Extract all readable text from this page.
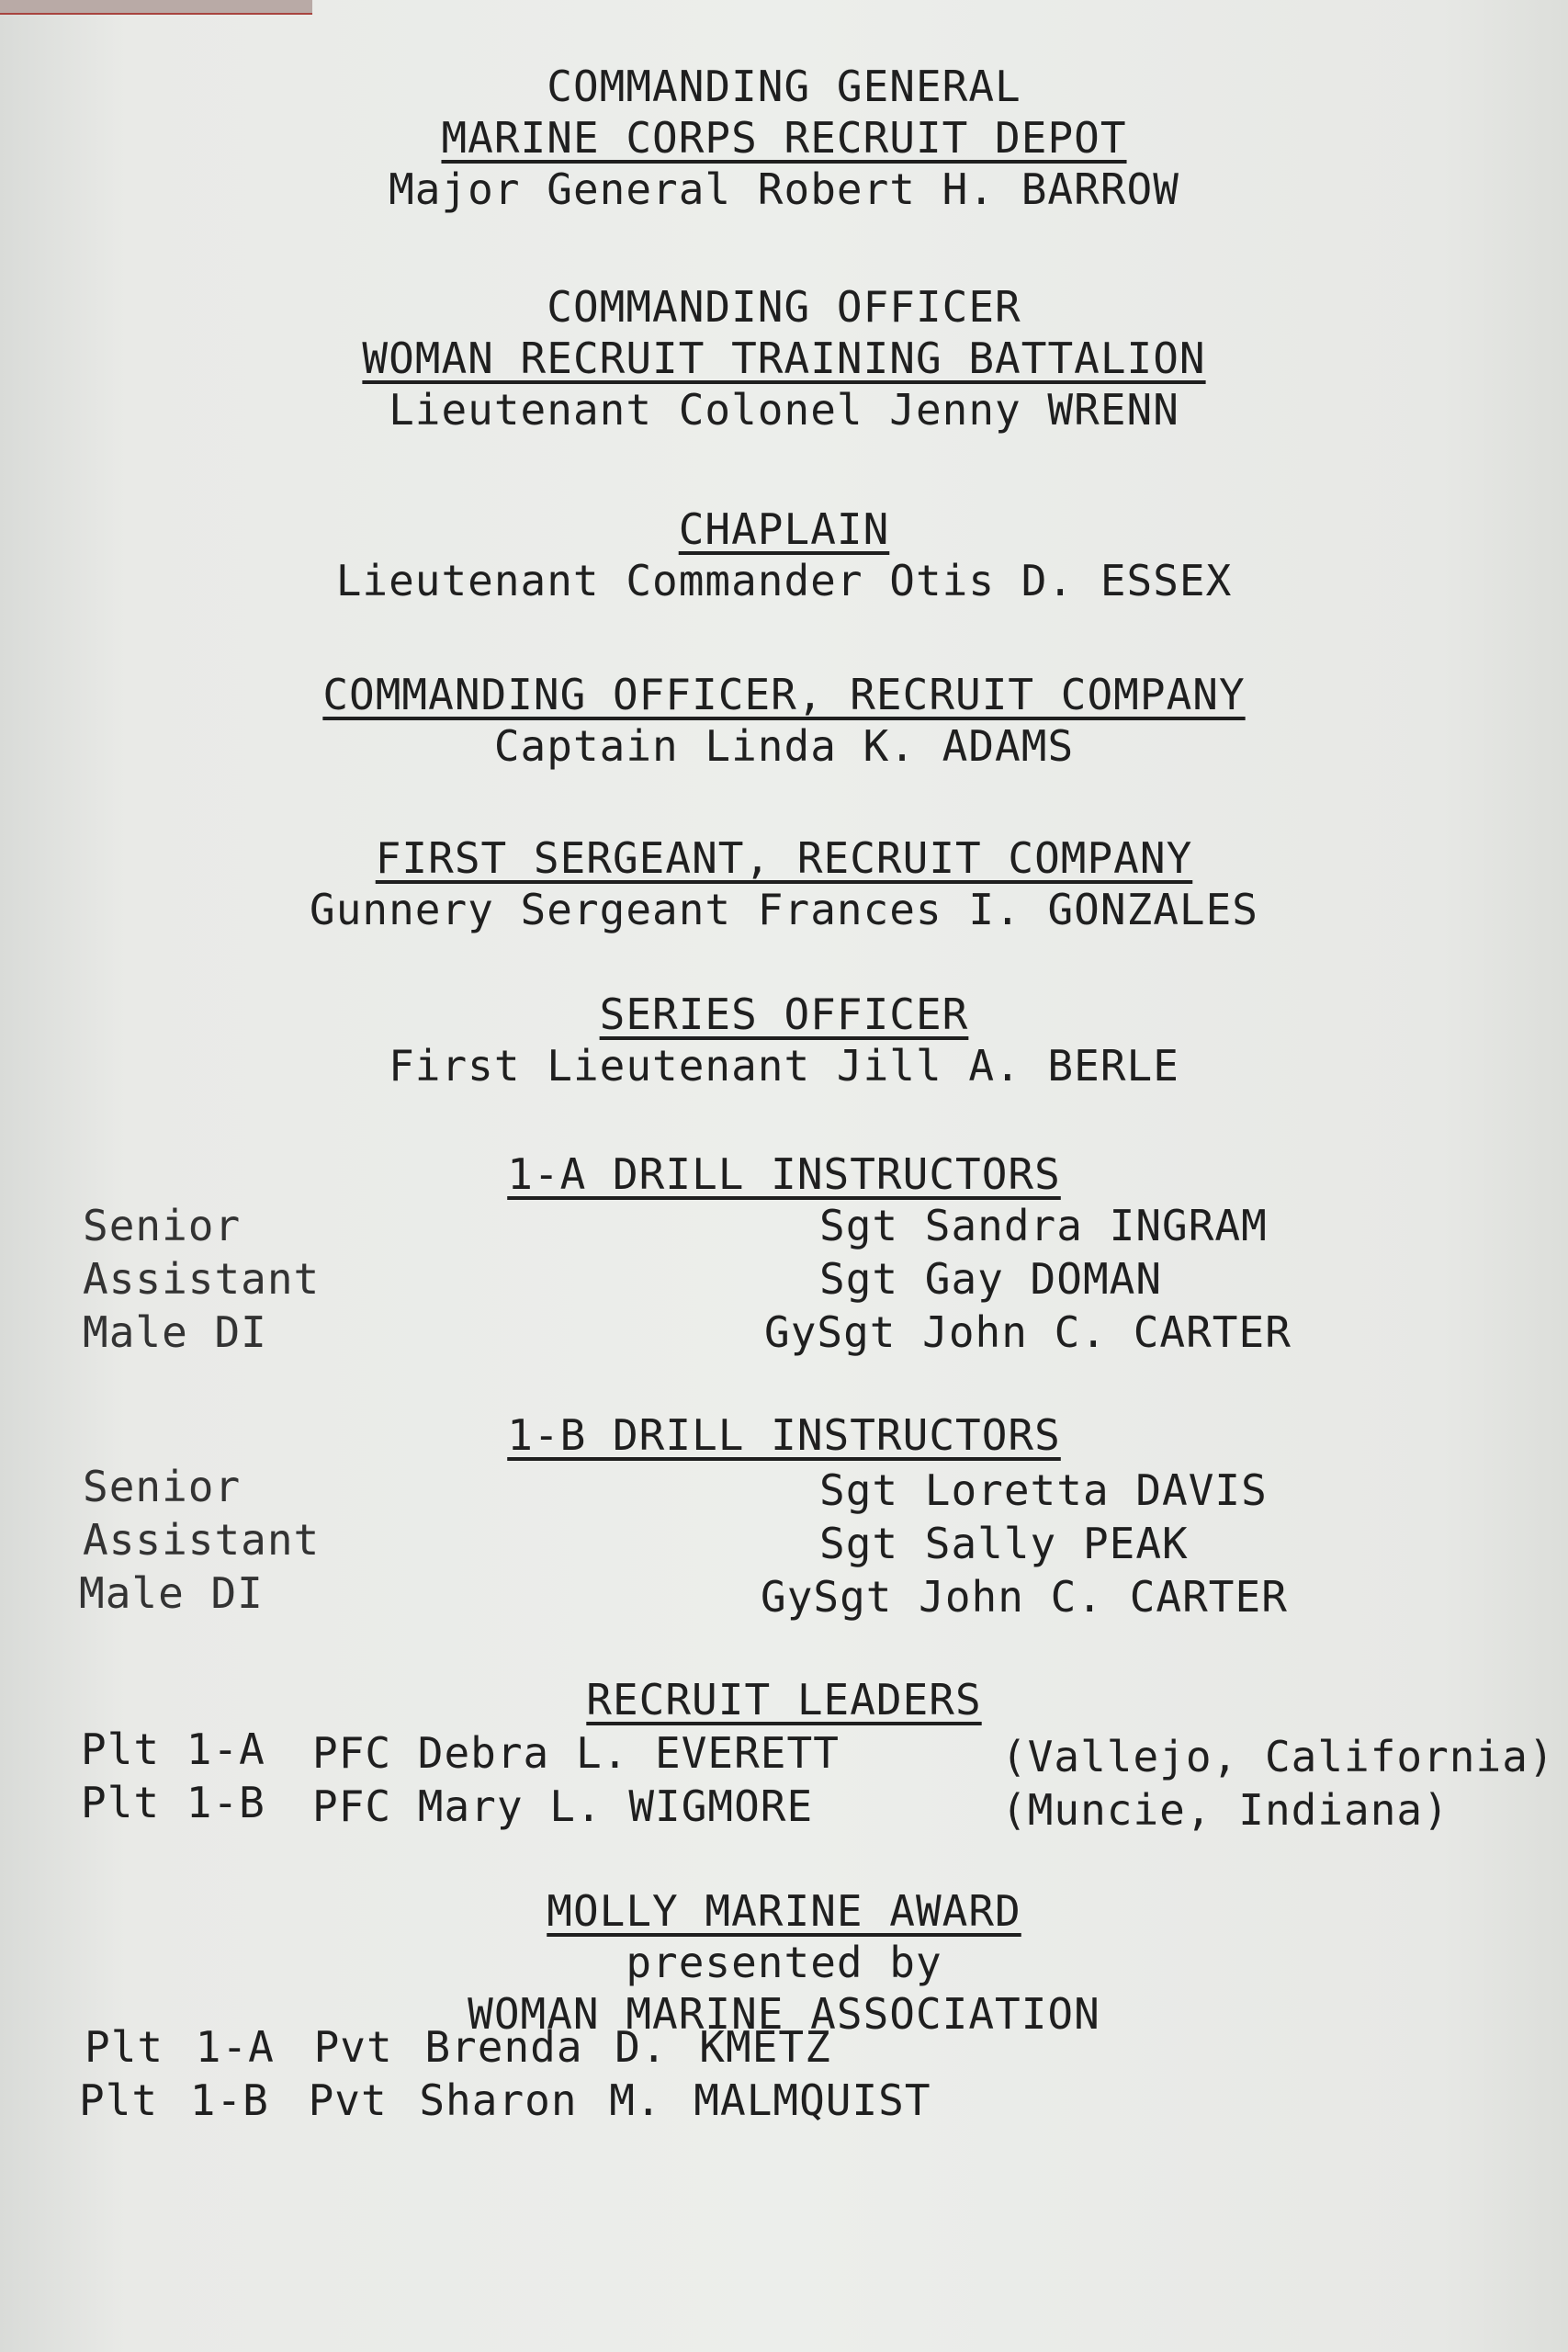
COMMANDING GENERAL
MARINE CORPS RECRUIT DEPOT
Major General Robert H. BARROW
COMMANDING OFFICER
WOMAN RECRUIT TRAINING BATTALION
Lieutenant Colonel Jenny WRENN
CHAPLAIN
Lieutenant Commander Otis D. ESSEX
COMMANDING OFFICER, RECRUIT COMPANY
Captain Linda K. ADAMS
FIRST SERGEANT, RECRUIT COMPANY
Gunnery Sergeant Frances I. GONZALES
SERIES OFFICER
First Lieutenant Jill A. BERLE
1-A DRILL INSTRUCTORS
Senior	Sgt Sandra INGRAM
Assistant	Sgt Gay DOMAN
Male DI	GySgt John C. CARTER
1-B DRILL INSTRUCTORS
Senior	Sgt Loretta DAVIS
Assistant	Sgt Sally PEAK
Male DI	GySgt John C. CARTER
RECRUIT LEADERS
Plt 1-A PFC Debra L. EVERETT	(Vallejo, California)
Plt 1-B PFC Mary L. WIGMORE	(Muncie, Indiana)
MOLLY MARINE AWARD
presented by
WOMAN MARINE ASSOCIATION
Plt 1-A Pvt Brenda D. KMETZ
Plt 1-B Pvt Sharon M. MALMQUIST
